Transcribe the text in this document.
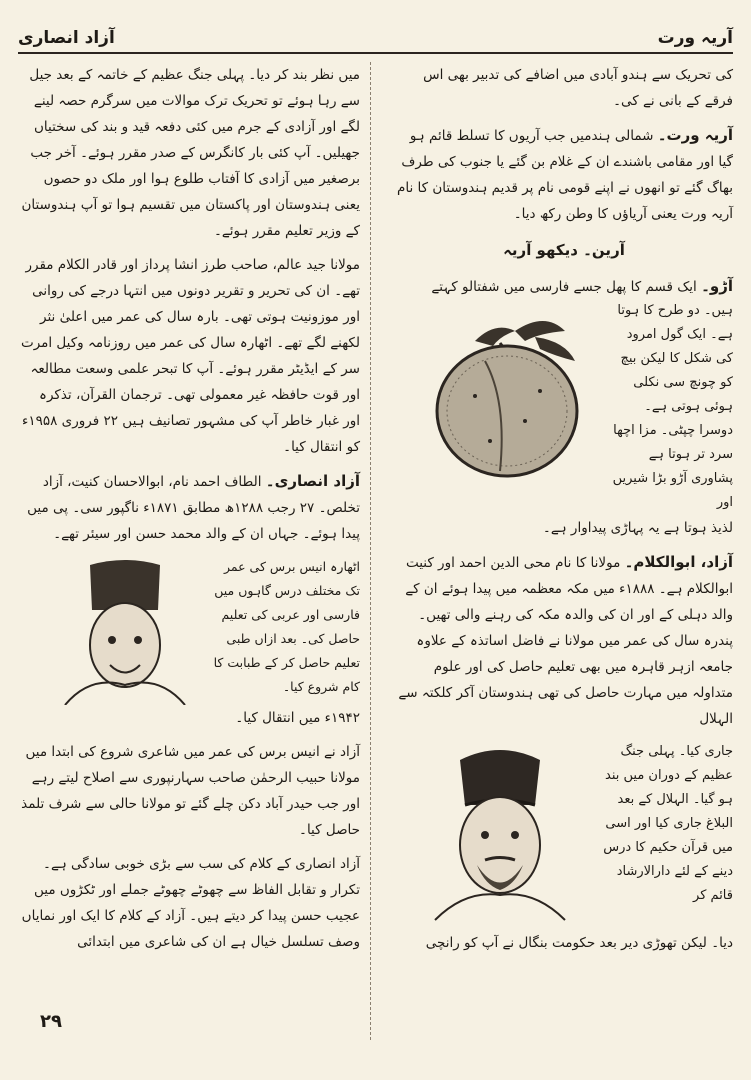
آزاد انصاری	آریہ ورت

کی تحریک سے ہندو آبادی میں اضافے کی تدبیر بھی اس فرقے کے بانی نے کی۔

آریہ ورت۔ شمالی ہندمیں جب آریوں کا تسلط قائم ہو گیا اور مقامی باشندے ان کے غلام بن گئے یا جنوب کی طرف بھاگ گئے تو انھوں نے اپنے قومی نام پر قدیم ہندوستان کا نام آریہ ورت یعنی آریاؤں کا وطن رکھ دیا۔
آرین۔ دیکھو آریہ
آڑو۔ ایک قسم کا پھل جسے فارسی میں شفتالو کہتے
ہیں۔ دو طرح کا ہوتا ہے۔ ایک گول امرود کی شکل کا لیکن بیچ کو چونچ سی نکلی ہوئی ہوتی ہے۔ دوسرا چپٹی۔ مزا اچھا سرد تر ہوتا ہے پشاوری آڑو بڑا شیریں اور
لذیذ ہوتا ہے یہ پہاڑی پیداوار ہے۔
آزاد، ابوالکلام۔ مولانا کا نام محی الدین احمد اور کنیت ابوالکلام ہے۔ ۱۸۸۸ء میں مکہ معظمہ میں پیدا ہوئے ان کے والد دہلی کے اور ان کی والدہ مکہ کی رہنے والی تھیں۔ پندرہ سال کی عمر میں مولانا نے فاضل اساتذہ کے علاوہ جامعہ ازہر قاہرہ میں بھی تعلیم حاصل کی اور علوم متداولہ میں مہارت حاصل کی تھی ہندوستان آکر کلکتہ سے الہلال
جاری کیا۔ پہلی جنگ عظیم کے دوران میں بند ہو گیا۔ الہلال کے بعد البلاغ جاری کیا اور اسی میں قرآن حکیم کا درس دینے کے لئے دارالارشاد قائم کر
دیا۔ لیکن تھوڑی دیر بعد حکومت بنگال نے آپ کو رانچی

میں نظر بند کر دیا۔ پہلی جنگ عظیم کے خاتمہ کے بعد جیل سے رہا ہوئے تو تحریک ترک موالات میں سرگرم حصہ لینے لگے اور آزادی کے جرم میں کئی دفعہ قید و بند کی سختیاں جھیلیں۔ آپ کئی بار کانگرس کے صدر مقرر ہوئے۔ آخر جب برصغیر میں آزادی کا آفتاب طلوع ہوا اور ملک دو حصوں یعنی ہندوستان اور پاکستان میں تقسیم ہوا تو آپ ہندوستان کے وزیر تعلیم مقرر ہوئے۔

مولانا جید عالم، صاحب طرز انشا پرداز اور قادر الکلام مقرر تھے۔ ان کی تحریر و تقریر دونوں میں انتہا درجے کی روانی اور موزونیت ہوتی تھی۔ بارہ سال کی عمر میں اعلیٰ نثر لکھنے لگے تھے۔ اٹھارہ سال کی عمر میں روزنامہ وکیل امرت سر کے ایڈیٹر مقرر ہوئے۔ آپ کا تبحر علمی وسعت مطالعہ اور قوت حافظہ غیر معمولی تھی۔ ترجمان القرآن، تذکرہ اور غبار خاطر آپ کی مشہور تصانیف ہیں ۲۲ فروری ۱۹۵۸ء کو انتقال کیا۔

آزاد انصاری۔ الطاف احمد نام، ابوالاحسان کنیت، آزاد تخلص۔ ۲۷ رجب ۱۲۸۸ھ مطابق ۱۸۷۱ء ناگپور سی۔ پی میں پیدا ہوئے۔ جہاں ان کے والد محمد حسن اور سیئر تھے۔
اٹھارہ انیس برس کی عمر تک مختلف درس گاہوں میں فارسی اور عربی کی تعلیم حاصل کی۔ بعد ازاں طبی تعلیم حاصل کر کے طبابت کا کام شروع کیا۔

۱۹۴۲ء میں انتقال کیا۔

آزاد نے انیس برس کی عمر میں شاعری شروع کی ابتدا میں مولانا حبیب الرحمٰن صاحب سہارنپوری سے اصلاح لیتے رہے اور جب حیدر آباد دکن چلے گئے تو مولانا حالی سے شرف تلمذ حاصل کیا۔

آزاد انصاری کے کلام کی سب سے بڑی خوبی سادگی ہے۔ تکرار و تقابل الفاظ سے چھوٹے چھوٹے جملے اور ٹکڑوں میں عجیب حسن پیدا کر دیتے ہیں۔ آزاد کے کلام کا ایک اور نمایاں وصف تسلسل خیال ہے ان کی شاعری میں ابتدائی

۲۹
